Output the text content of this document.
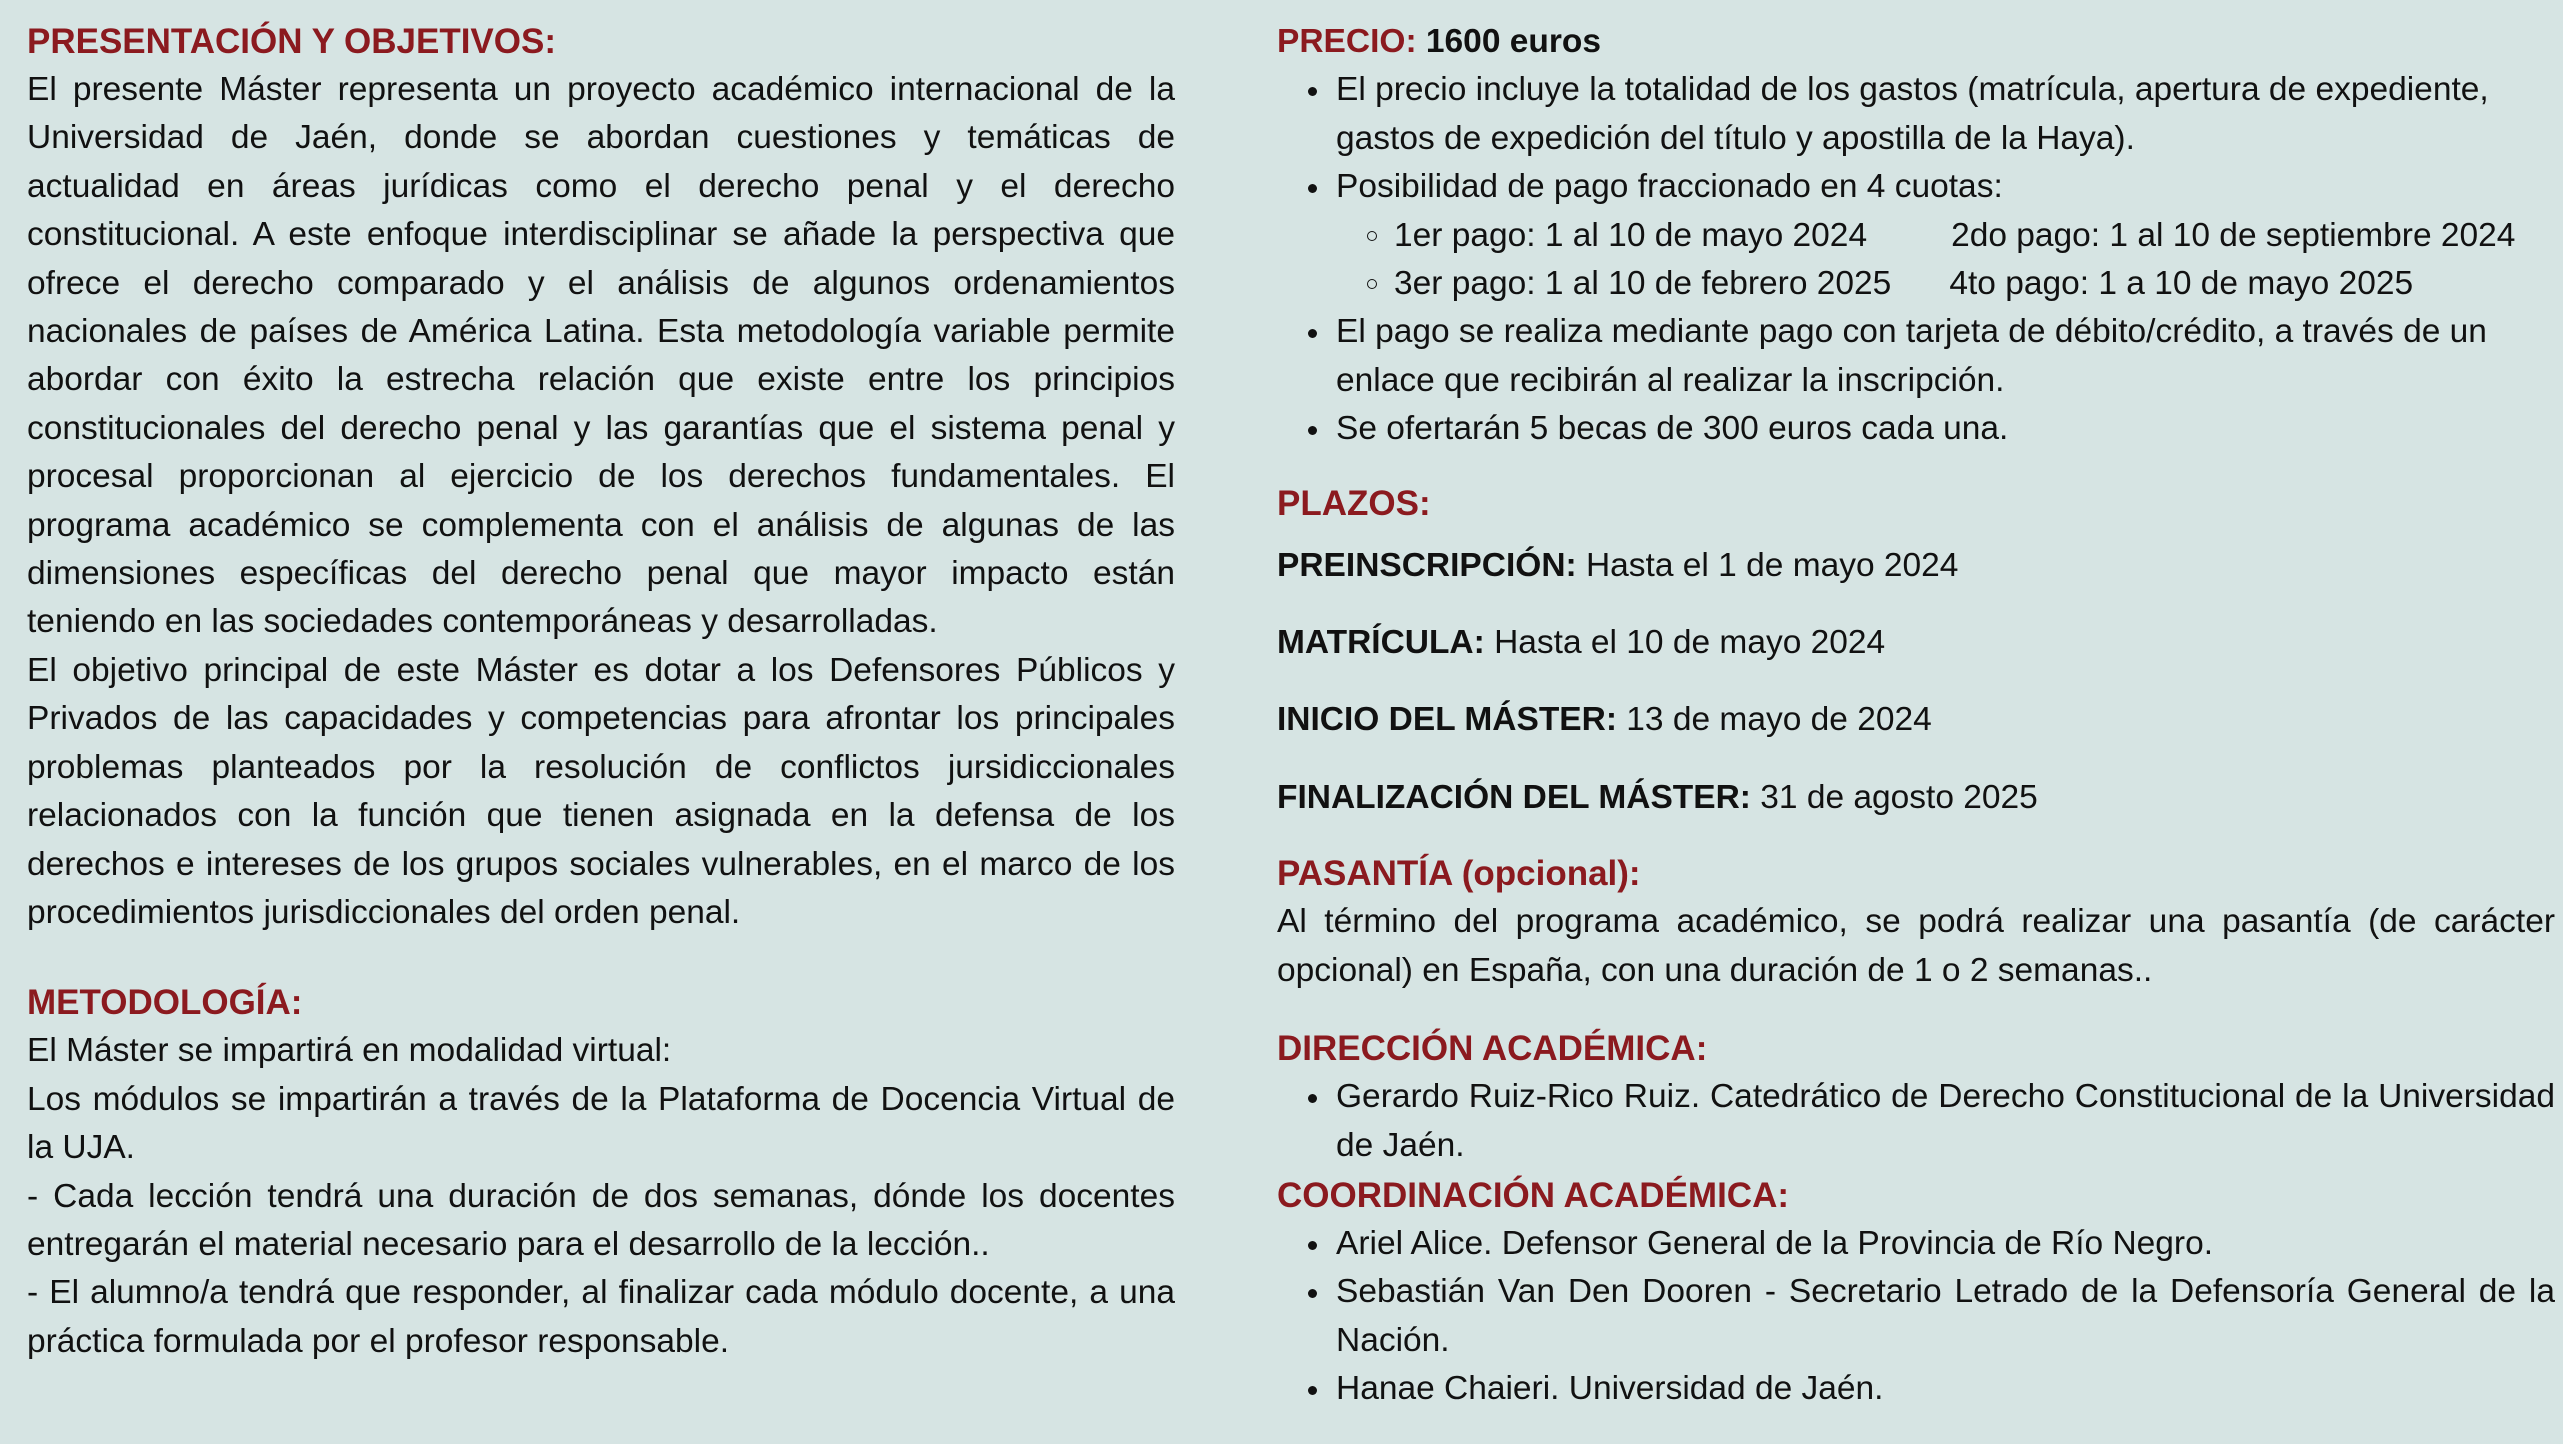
PRESENTACIÓN Y OBJETIVOS:

El presente Máster representa un proyecto académico internacional de la Universidad de Jaén, donde se abordan cuestiones y temáticas de actualidad en áreas jurídicas como el derecho penal y el derecho constitucional. A este enfoque interdisciplinar se añade la perspectiva que ofrece el derecho comparado y el análisis de algunos ordenamientos nacionales de países de América Latina. Esta metodología variable permite abordar con éxito la estrecha relación que existe entre los principios constitucionales del derecho penal y las garantías que el sistema penal y procesal proporcionan al ejercicio de los derechos fundamentales. El programa académico se complementa con el análisis de algunas de las dimensiones específicas del derecho penal que mayor impacto están teniendo en las sociedades contemporáneas y desarrolladas.

El objetivo principal de este Máster es dotar a los Defensores Públicos y Privados de las capacidades y competencias para afrontar los principales problemas planteados por la resolución de conflictos jursidiccionales relacionados con la función que tienen asignada en la defensa de los derechos e intereses de los grupos sociales vulnerables, en el marco de los procedimientos jurisdiccionales del orden penal.

METODOLOGÍA:

El Máster se impartirá en modalidad virtual:

Los módulos se impartirán a través de la Plataforma de Docencia Virtual de la UJA.

- Cada lección tendrá una duración de dos semanas, dónde los docentes entregarán el material necesario para el desarrollo de la lección..

- El alumno/a tendrá que responder, al finalizar cada módulo docente, a una práctica formulada por el profesor responsable.

PRECIO: 1600 euros

El precio incluye la totalidad de los gastos (matrícula, apertura de expediente, gastos de expedición del título y apostilla de la Haya).
Posibilidad de pago fraccionado en 4 cuotas:
1er pago: 1 al 10 de mayo 2024	2do pago: 1 al 10 de septiembre 2024
3er pago: 1 al 10 de febrero 2025 4to pago: 1 a 10 de mayo 2025
El pago se realiza mediante pago con tarjeta de débito/crédito, a través de un enlace que recibirán al realizar la inscripción.
Se ofertarán 5 becas de 300 euros cada una.
PLAZOS:

PREINSCRIPCIÓN: Hasta el 1 de mayo 2024

MATRÍCULA: Hasta el 10 de mayo 2024

INICIO DEL MÁSTER: 13 de mayo de 2024

FINALIZACIÓN DEL MÁSTER: 31 de agosto 2025

PASANTÍA (opcional):

Al término del programa académico, se podrá realizar una pasantía (de carácter opcional) en España, con una duración de 1 o 2 semanas..

DIRECCIÓN ACADÉMICA:
Gerardo Ruiz-Rico Ruiz. Catedrático de Derecho Constitucional de la Universidad de Jaén.
COORDINACIÓN ACADÉMICA:
Ariel Alice. Defensor General de la Provincia de Río Negro.
Sebastián Van Den Dooren - Secretario Letrado de la Defensoría General de la Nación.
Hanae Chaieri. Universidad de Jaén.
